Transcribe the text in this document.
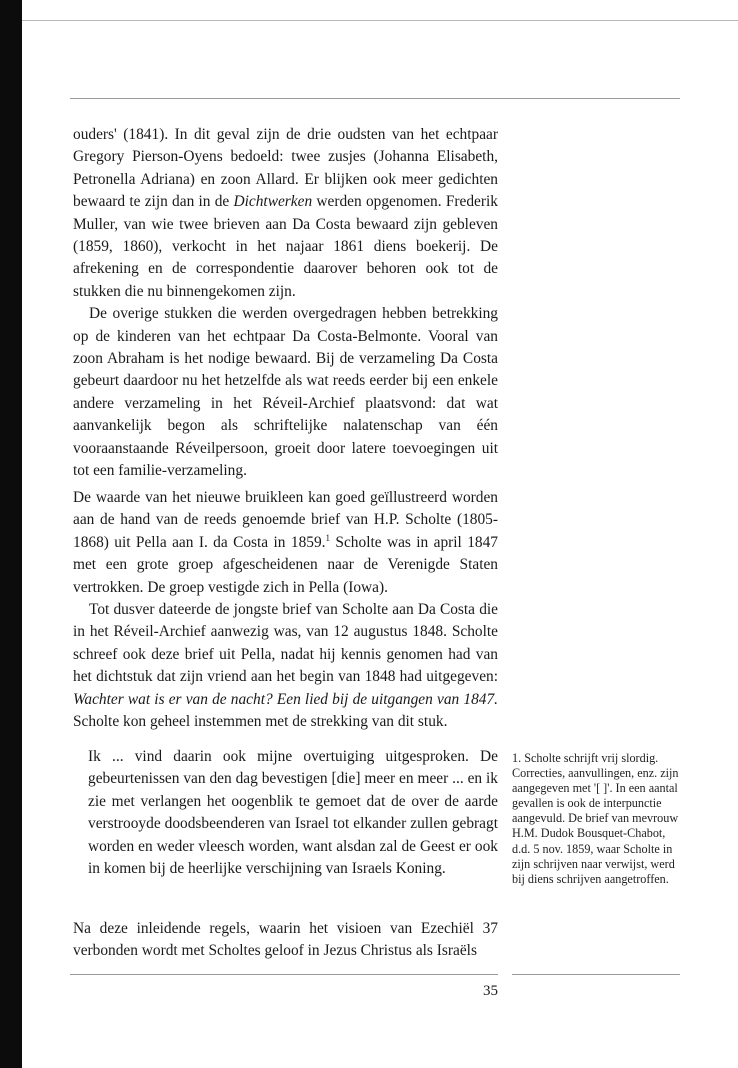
ouders' (1841). In dit geval zijn de drie oudsten van het echtpaar Gregory Pierson-Oyens bedoeld: twee zusjes (Johanna Elisabeth, Petronella Adriana) en zoon Allard. Er blijken ook meer gedichten bewaard te zijn dan in de Dichtwerken werden opgenomen. Frederik Muller, van wie twee brieven aan Da Costa bewaard zijn gebleven (1859, 1860), verkocht in het najaar 1861 diens boekerij. De afrekening en de correspondentie daarover behoren ook tot de stukken die nu binnengekomen zijn.

De overige stukken die werden overgedragen hebben betrekking op de kinderen van het echtpaar Da Costa-Belmonte. Vooral van zoon Abraham is het nodige bewaard. Bij de verzameling Da Costa gebeurt daardoor nu het hetzelfde als wat reeds eerder bij een enkele andere verzameling in het Réveil-Archief plaatsvond: dat wat aanvankelijk begon als schriftelijke nalatenschap van één vooraanstaande Réveilpersoon, groeit door latere toevoegingen uit tot een familie-verzameling.

De waarde van het nieuwe bruikleen kan goed geïllustreerd worden aan de hand van de reeds genoemde brief van H.P. Scholte (1805-1868) uit Pella aan I. da Costa in 1859.$^1$ Scholte was in april 1847 met een grote groep afgescheidenen naar de Verenigde Staten vertrokken. De groep vestigde zich in Pella (Iowa).

Tot dusver dateerde de jongste brief van Scholte aan Da Costa die in het Réveil-Archief aanwezig was, van 12 augustus 1848. Scholte schreef ook deze brief uit Pella, nadat hij kennis genomen had van het dichtstuk dat zijn vriend aan het begin van 1848 had uitgegeven: Wachter wat is er van de nacht? Een lied bij de uitgangen van 1847. Scholte kon geheel instemmen met de strekking van dit stuk.

Ik ... vind daarin ook mijne overtuiging uitgesproken. De gebeurtenissen van den dag bevestigen [die] meer en meer ... en ik zie met verlangen het oogenblik te gemoet dat de over de aarde verstrooyde doodsbeenderen van Israel tot elkander zullen gebragt worden en weder vleesch worden, want alsdan zal de Geest er ook in komen bij de heerlijke verschijning van Israels Koning.

Na deze inleidende regels, waarin het visioen van Ezechiël 37 verbonden wordt met Scholtes geloof in Jezus Christus als Israëls

1. Scholte schrijft vrij slordig. Correcties, aanvullingen, enz. zijn aangegeven met '[ ]'. In een aantal gevallen is ook de interpunctie aangevuld. De brief van mevrouw H.M. Dudok Bousquet-Chabot, d.d. 5 nov. 1859, waar Scholte in zijn schrijven naar verwijst, werd bij diens schrijven aangetroffen.
35
